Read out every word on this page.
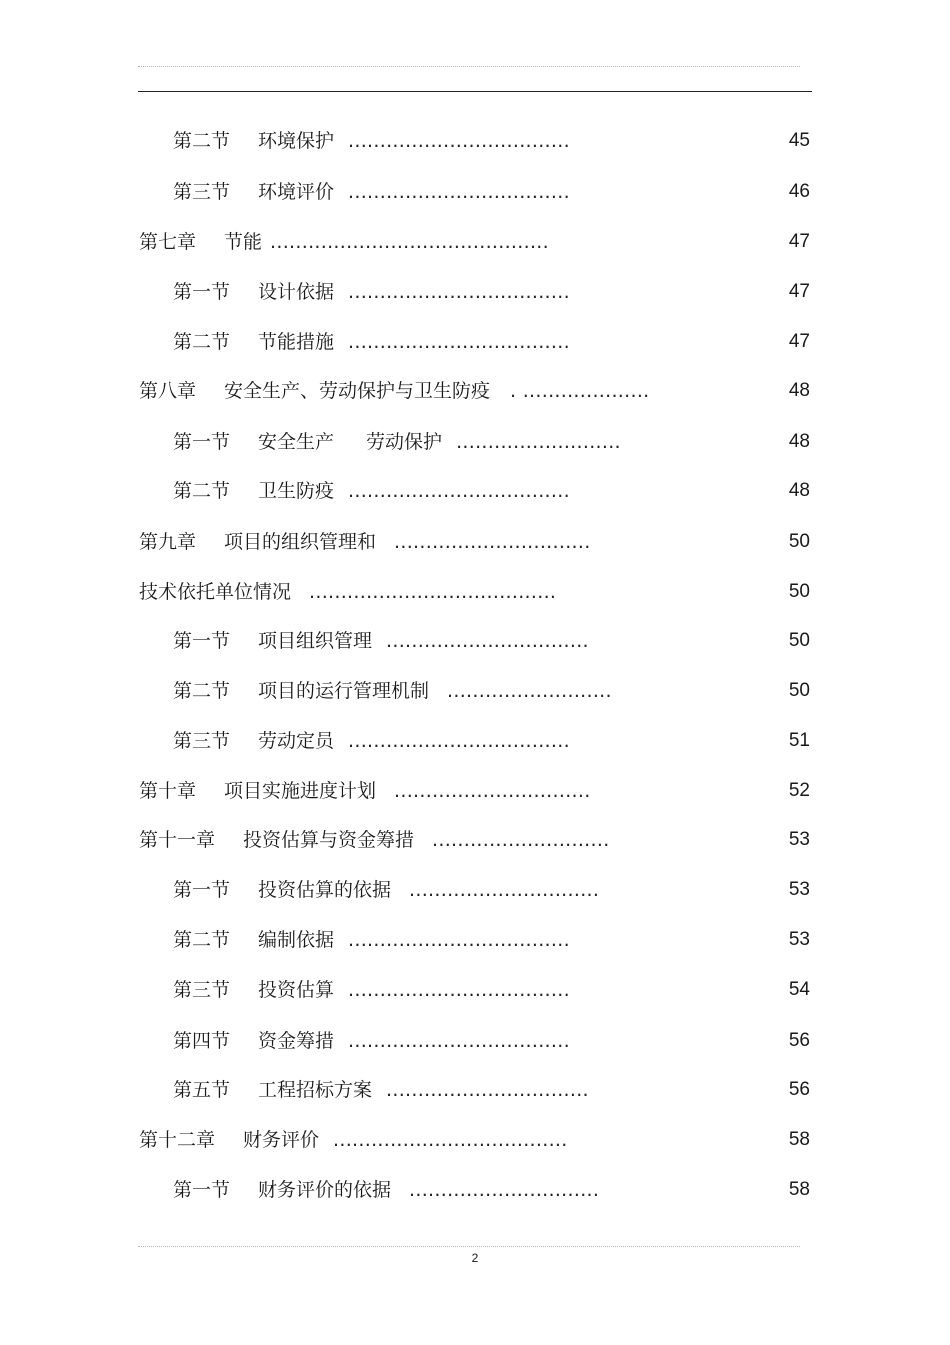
第二节 环境保护 ...................................	45
第三节 环境评价 ...................................	46
第七章 节能 ............................................	47
第一节 设计依据 ...................................	47
第二节 节能措施 ...................................	47
第八章 安全生产、劳动保护与卫生防疫 . ....................	48
第一节 安全生产 劳动保护 ..........................	48
第二节 卫生防疫 ...................................	48
第九章 项目的组织管理和 ...............................	50
技术依托单位情况 .......................................	50
第一节 项目组织管理 ................................	50
第二节 项目的运行管理机制 ..........................	50
第三节 劳动定员 ...................................	51
第十章 项目实施进度计划 ...............................	52
第十一章 投资估算与资金筹措 ............................	53
第一节 投资估算的依据 ..............................	53
第二节 编制依据 ...................................	53
第三节 投资估算 ...................................	54
第四节 资金筹措 ...................................	56
第五节 工程招标方案 ................................	56
第十二章 财务评价 .....................................	58
第一节 财务评价的依据 ..............................	58
2
